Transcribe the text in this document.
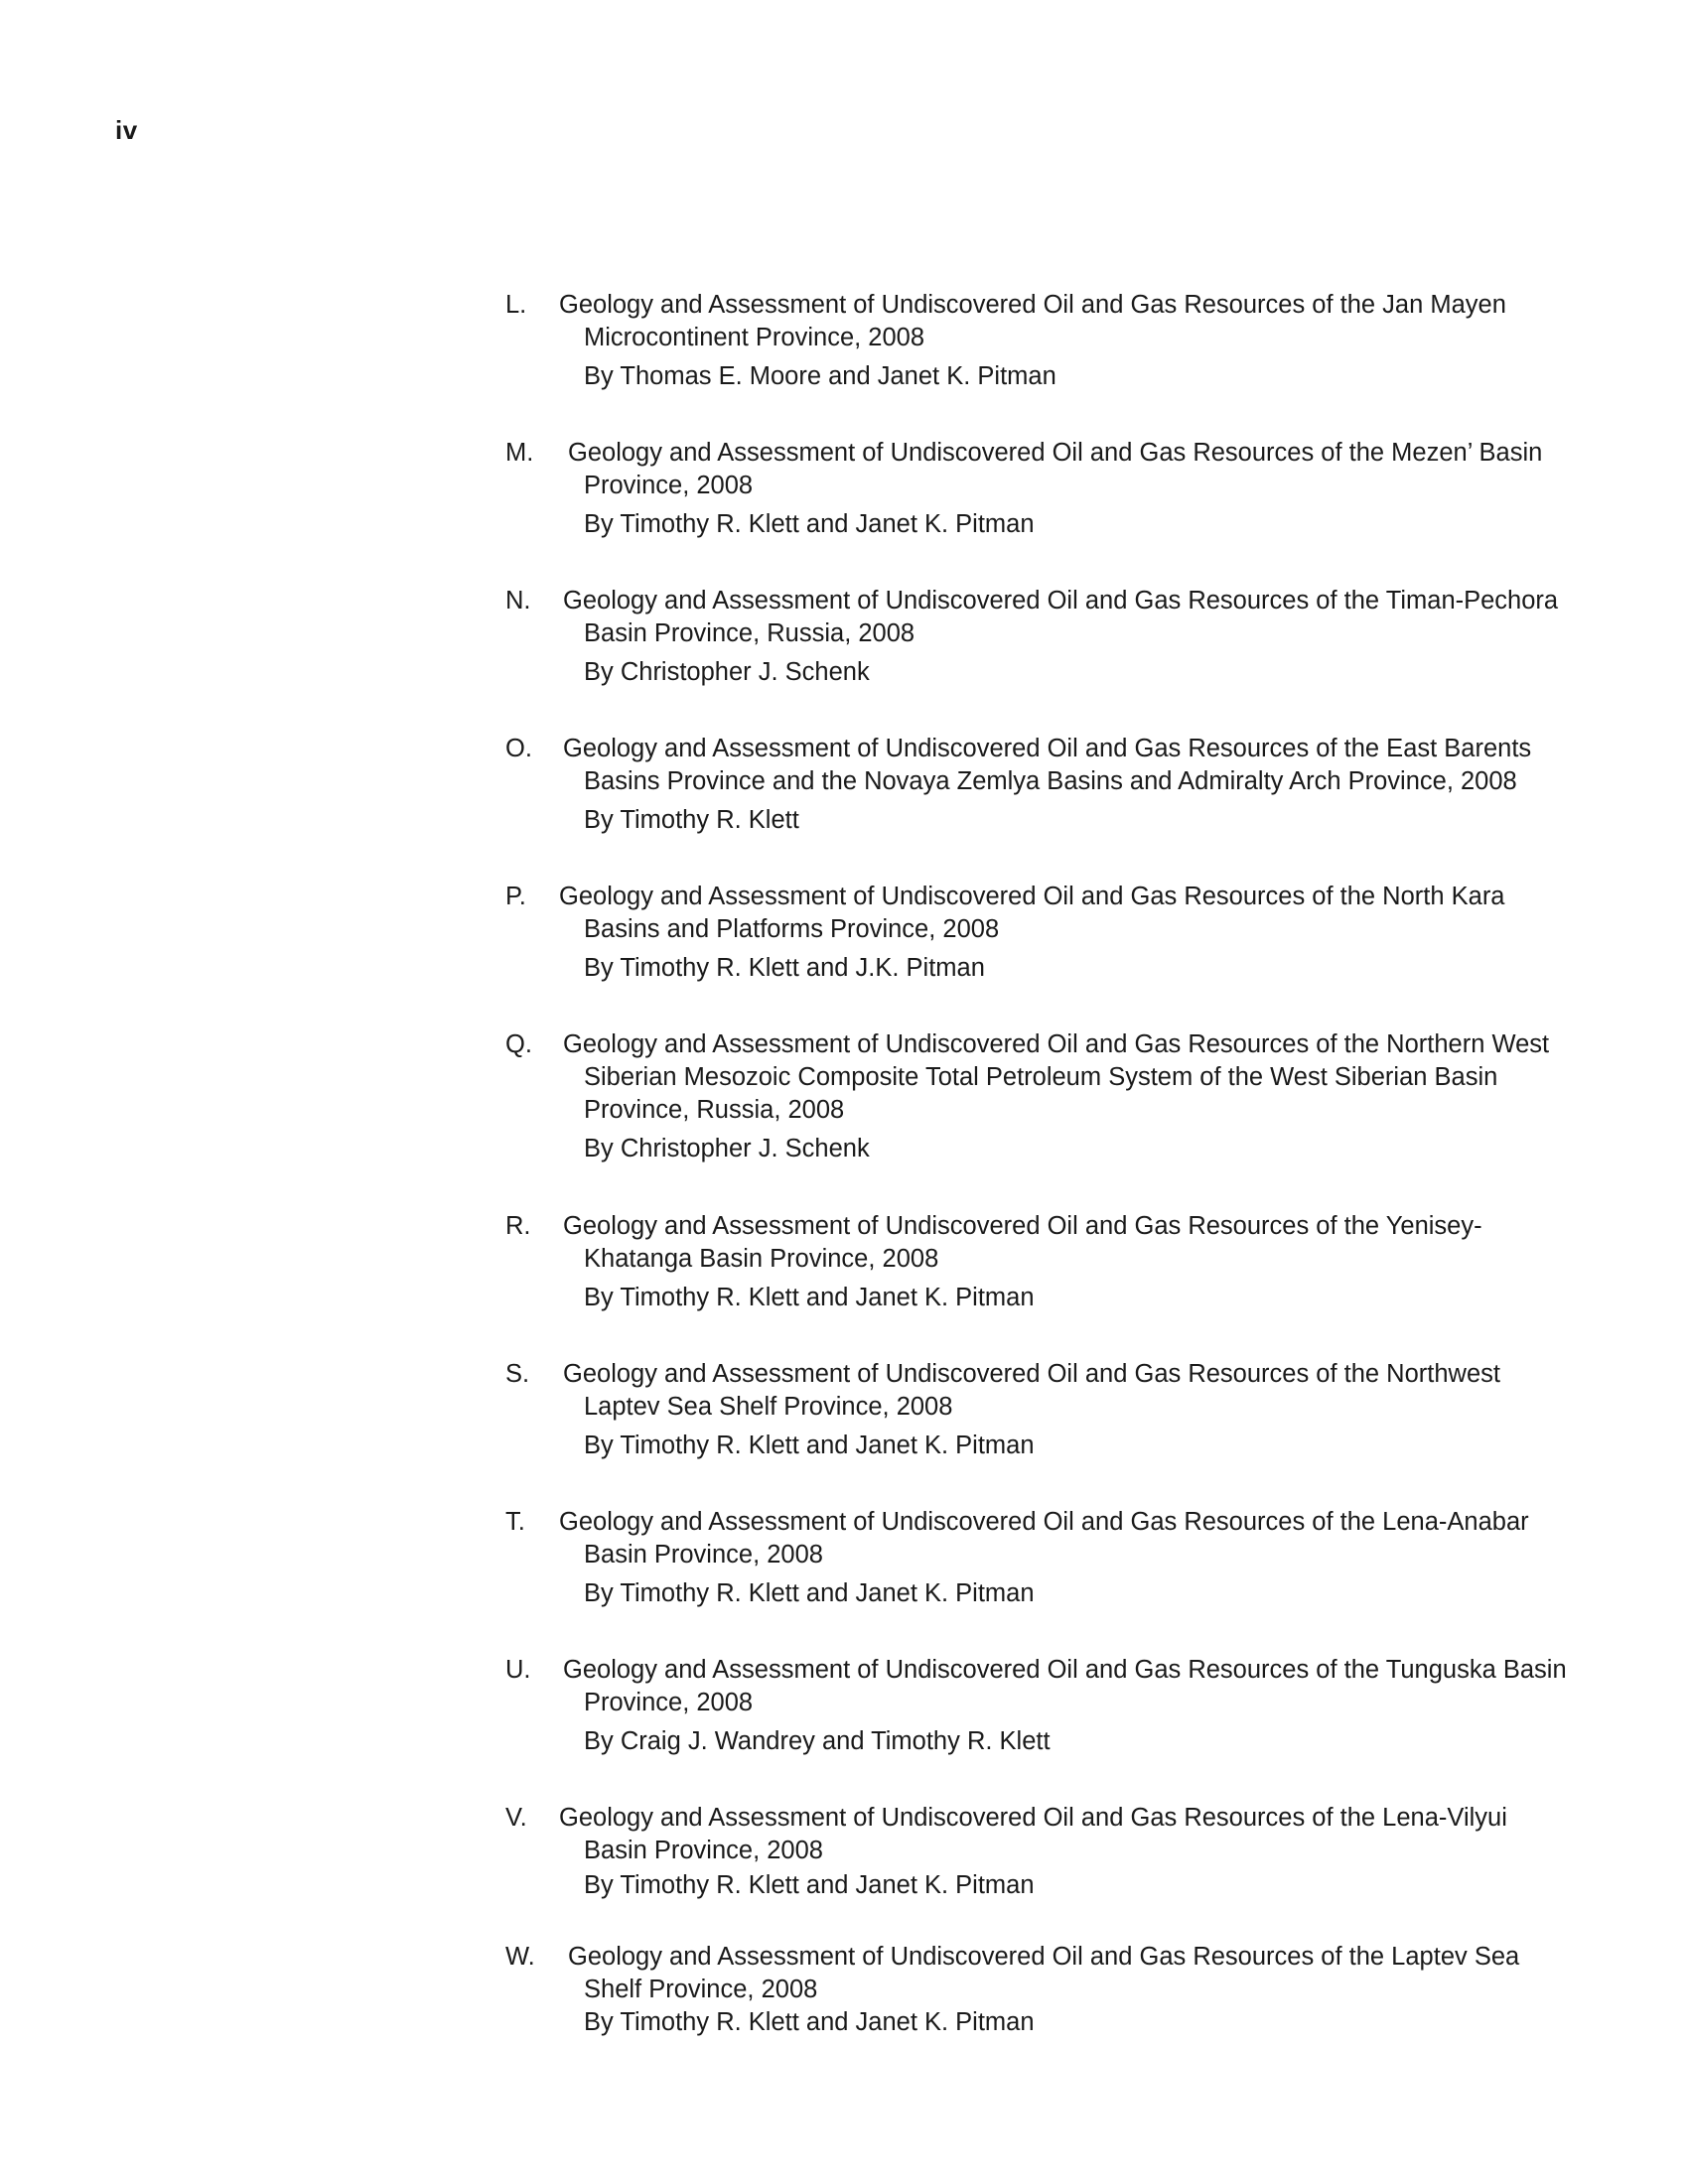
iv
L.	Geology and Assessment of Undiscovered Oil and Gas Resources of the Jan Mayen
Microcontinent Province, 2008
By Thomas E. Moore and Janet K. Pitman
M.	Geology and Assessment of Undiscovered Oil and Gas Resources of the Mezen’ Basin
Province, 2008
By Timothy R. Klett and Janet K. Pitman
N.	Geology and Assessment of Undiscovered Oil and Gas Resources of the Timan-Pechora
Basin Province, Russia, 2008
By Christopher J. Schenk
O.	Geology and Assessment of Undiscovered Oil and Gas Resources of the East Barents
Basins Province and the Novaya Zemlya Basins and Admiralty Arch Province, 2008
By Timothy R. Klett
P.	Geology and Assessment of Undiscovered Oil and Gas Resources of the North Kara
Basins and Platforms Province, 2008
By Timothy R. Klett and J.K. Pitman
Q.	Geology and Assessment of Undiscovered Oil and Gas Resources of the Northern West
Siberian Mesozoic Composite Total Petroleum System of the West Siberian Basin
Province, Russia, 2008
By Christopher J. Schenk
R.	Geology and Assessment of Undiscovered Oil and Gas Resources of the Yenisey-
Khatanga Basin Province, 2008
By Timothy R. Klett and Janet K. Pitman
S.	Geology and Assessment of Undiscovered Oil and Gas Resources of the Northwest
Laptev Sea Shelf Province, 2008
By Timothy R. Klett and Janet K. Pitman
T.	Geology and Assessment of Undiscovered Oil and Gas Resources of the Lena-Anabar
Basin Province, 2008
By Timothy R. Klett and Janet K. Pitman
U.	Geology and Assessment of Undiscovered Oil and Gas Resources of the Tunguska Basin
Province, 2008
By Craig J. Wandrey and Timothy R. Klett
V.	Geology and Assessment of Undiscovered Oil and Gas Resources of the Lena-Vilyui
Basin Province, 2008
By Timothy R. Klett and Janet K. Pitman
W.	Geology and Assessment of Undiscovered Oil and Gas Resources of the Laptev Sea
Shelf Province, 2008
By Timothy R. Klett and Janet K. Pitman
